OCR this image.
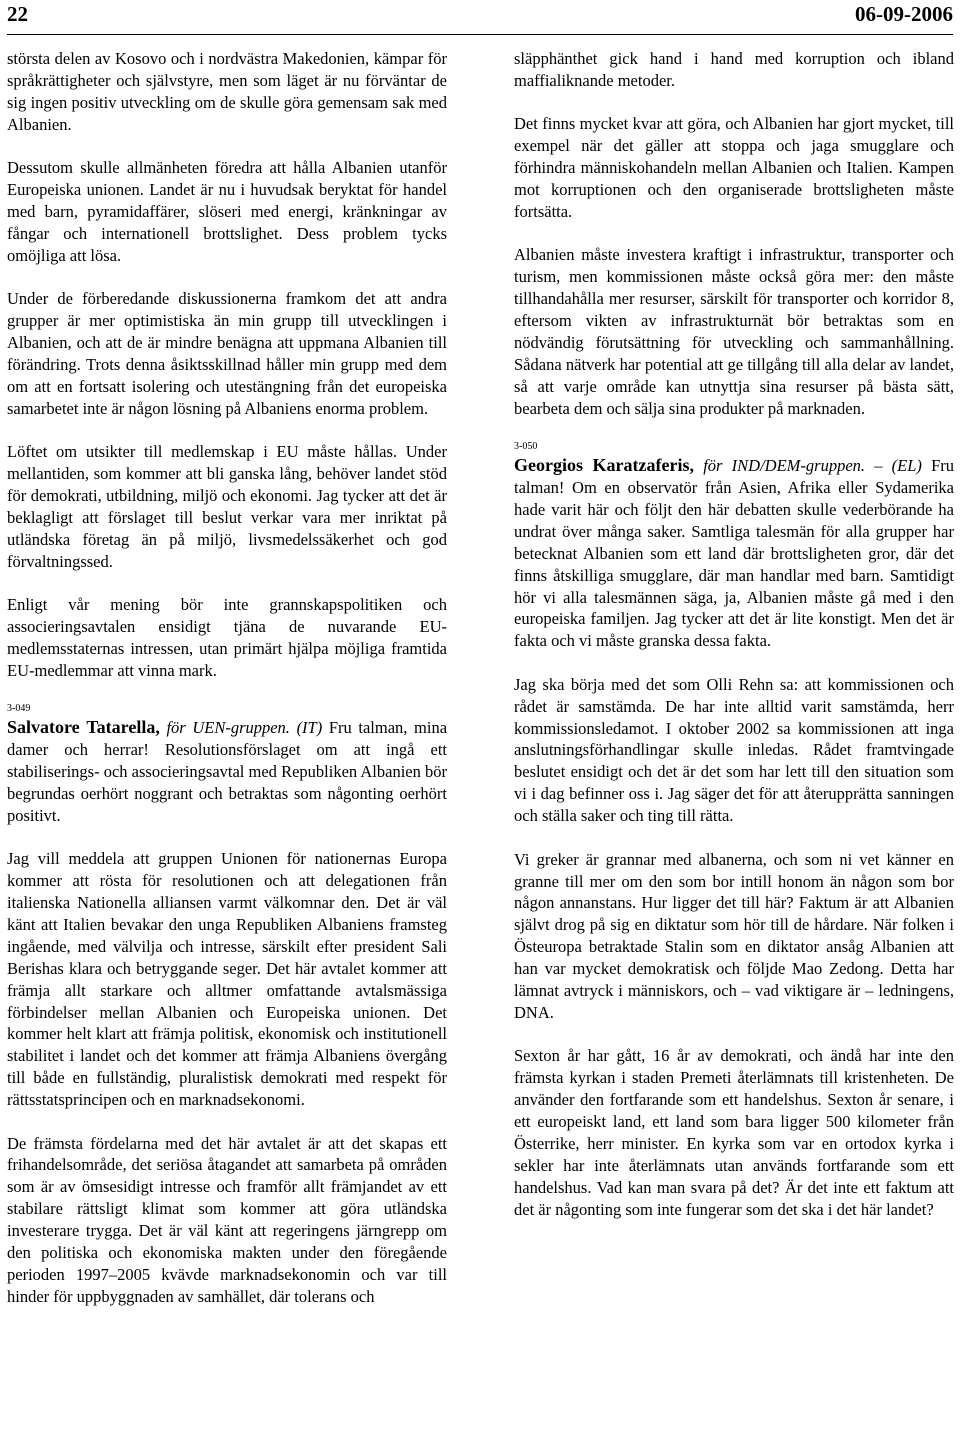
22	06-09-2006

största delen av Kosovo och i nordvästra Makedonien, kämpar för språkrättigheter och självstyre, men som läget är nu förväntar de sig ingen positiv utveckling om de skulle göra gemensam sak med Albanien.

Dessutom skulle allmänheten föredra att hålla Albanien utanför Europeiska unionen. Landet är nu i huvudsak beryktat för handel med barn, pyramidaffärer, slöseri med energi, kränkningar av fångar och internationell brottslighet. Dess problem tycks omöjliga att lösa.

Under de förberedande diskussionerna framkom det att andra grupper är mer optimistiska än min grupp till utvecklingen i Albanien, och att de är mindre benägna att uppmana Albanien till förändring. Trots denna åsiktsskillnad håller min grupp med dem om att en fortsatt isolering och utestängning från det europeiska samarbetet inte är någon lösning på Albaniens enorma problem.

Löftet om utsikter till medlemskap i EU måste hållas. Under mellantiden, som kommer att bli ganska lång, behöver landet stöd för demokrati, utbildning, miljö och ekonomi. Jag tycker att det är beklagligt att förslaget till beslut verkar vara mer inriktat på utländska företag än på miljö, livsmedelssäkerhet och god förvaltningssed.

Enligt vår mening bör inte grannskapspolitiken och associeringsavtalen ensidigt tjäna de nuvarande EU-medlemsstaternas intressen, utan primärt hjälpa möjliga framtida EU-medlemmar att vinna mark.

3-049

Salvatore Tatarella, för UEN-gruppen. (IT) Fru talman, mina damer och herrar! Resolutionsförslaget om att ingå ett stabiliserings- och associeringsavtal med Republiken Albanien bör begrundas oerhört noggrant och betraktas som någonting oerhört positivt.

Jag vill meddela att gruppen Unionen för nationernas Europa kommer att rösta för resolutionen och att delegationen från italienska Nationella alliansen varmt välkomnar den. Det är väl känt att Italien bevakar den unga Republiken Albaniens framsteg ingående, med välvilja och intresse, särskilt efter president Sali Berishas klara och betryggande seger. Det här avtalet kommer att främja allt starkare och alltmer omfattande avtalsmässiga förbindelser mellan Albanien och Europeiska unionen. Det kommer helt klart att främja politisk, ekonomisk och institutionell stabilitet i landet och det kommer att främja Albaniens övergång till både en fullständig, pluralistisk demokrati med respekt för rättsstatsprincipen och en marknadsekonomi.

De främsta fördelarna med det här avtalet är att det skapas ett frihandelsområde, det seriösa åtagandet att samarbeta på områden som är av ömsesidigt intresse och framför allt främjandet av ett stabilare rättsligt klimat som kommer att göra utländska investerare trygga. Det är väl känt att regeringens järngrepp om den politiska och ekonomiska makten under den föregående perioden 1997–2005 kvävde marknadsekonomin och var till hinder för uppbyggnaden av samhället, där tolerans och

släpphänthet gick hand i hand med korruption och ibland maffialiknande metoder.

Det finns mycket kvar att göra, och Albanien har gjort mycket, till exempel när det gäller att stoppa och jaga smugglare och förhindra människohandeln mellan Albanien och Italien. Kampen mot korruptionen och den organiserade brottsligheten måste fortsätta.

Albanien måste investera kraftigt i infrastruktur, transporter och turism, men kommissionen måste också göra mer: den måste tillhandahålla mer resurser, särskilt för transporter och korridor 8, eftersom vikten av infrastrukturnät bör betraktas som en nödvändig förutsättning för utveckling och sammanhållning. Sådana nätverk har potential att ge tillgång till alla delar av landet, så att varje område kan utnyttja sina resurser på bästa sätt, bearbeta dem och sälja sina produkter på marknaden.

3-050

Georgios Karatzaferis, för IND/DEM-gruppen. – (EL) Fru talman! Om en observatör från Asien, Afrika eller Sydamerika hade varit här och följt den här debatten skulle vederbörande ha undrat över många saker. Samtliga talesmän för alla grupper har betecknat Albanien som ett land där brottsligheten gror, där det finns åtskilliga smugglare, där man handlar med barn. Samtidigt hör vi alla talesmännen säga, ja, Albanien måste gå med i den europeiska familjen. Jag tycker att det är lite konstigt. Men det är fakta och vi måste granska dessa fakta.

Jag ska börja med det som Olli Rehn sa: att kommissionen och rådet är samstämda. De har inte alltid varit samstämda, herr kommissionsledamot. I oktober 2002 sa kommissionen att inga anslutningsförhandlingar skulle inledas. Rådet framtvingade beslutet ensidigt och det är det som har lett till den situation som vi i dag befinner oss i. Jag säger det för att återupprätta sanningen och ställa saker och ting till rätta.

Vi greker är grannar med albanerna, och som ni vet känner en granne till mer om den som bor intill honom än någon som bor någon annanstans. Hur ligger det till här? Faktum är att Albanien självt drog på sig en diktatur som hör till de hårdare. När folken i Östeuropa betraktade Stalin som en diktator ansåg Albanien att han var mycket demokratisk och följde Mao Zedong. Detta har lämnat avtryck i människors, och – vad viktigare är – ledningens, DNA.

Sexton år har gått, 16 år av demokrati, och ändå har inte den främsta kyrkan i staden Premeti återlämnats till kristenheten. De använder den fortfarande som ett handelshus. Sexton år senare, i ett europeiskt land, ett land som bara ligger 500 kilometer från Österrike, herr minister. En kyrka som var en ortodox kyrka i sekler har inte återlämnats utan används fortfarande som ett handelshus. Vad kan man svara på det? Är det inte ett faktum att det är någonting som inte fungerar som det ska i det här landet?
